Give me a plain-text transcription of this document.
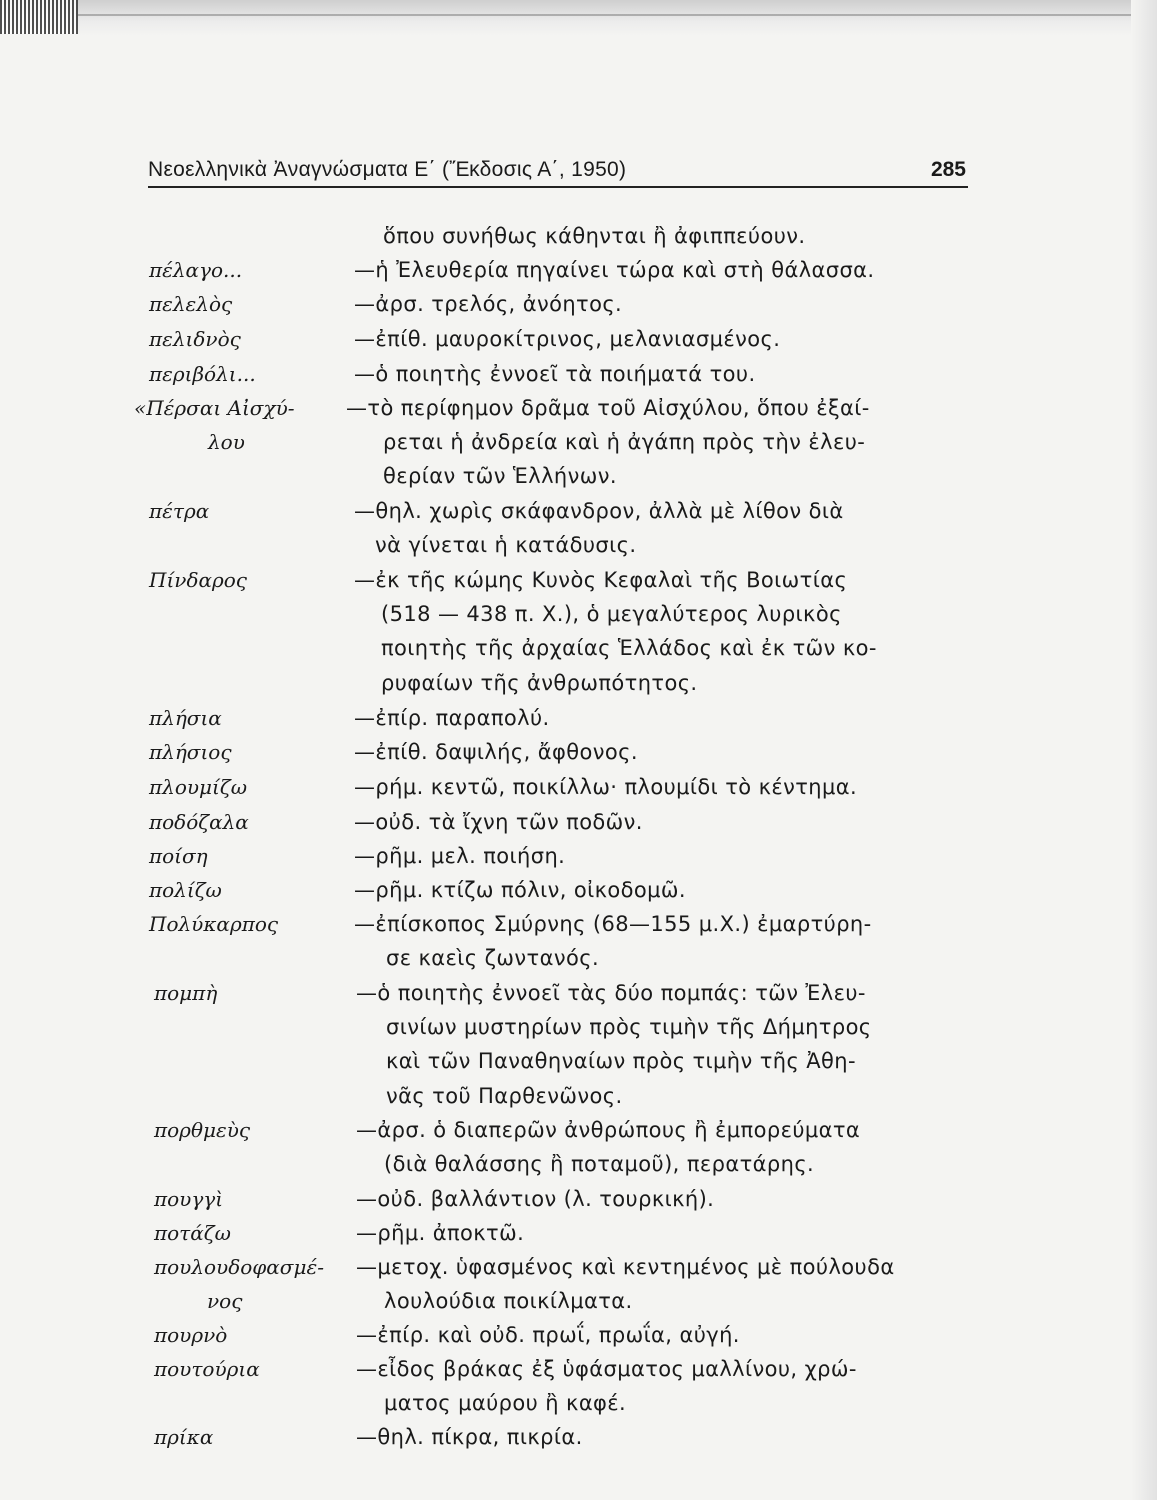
Νεοελληνικὰ Ἀναγνώσματα Ε΄ (Ἔκδοσις Α΄, 1950)	285
ὅπου συνήθως κάθηνται ἢ ἀφιππεύουν.
πέλαγο...	—ἡ Ἐλευθερία πηγαίνει τώρα καὶ στὴ θάλασσα.
πελελὸς	—ἀρσ. τρελός, ἀνόητος.
πελιδνὸς	—ἐπίθ. μαυροκίτρινος, μελανιασμένος.
περιβόλι...	—ὁ ποιητὴς ἐννοεῖ τὰ ποιήματά του.
«Πέρσαι Αἰσχύ-
λου
—τὸ περίφημον δρᾶμα τοῦ Αἰσχύλου, ὅπου ἐξαί-
ρεται ἡ ἀνδρεία καὶ ἡ ἀγάπη πρὸς τὴν ἐλευ-
θερίαν τῶν Ἑλλήνων.
πέτρα	—θηλ. χωρὶς σκάφανδρον, ἀλλὰ μὲ λίθον διὰ
νὰ γίνεται ἡ κατάδυσις.
Πίνδαρος	—ἐκ τῆς κώμης Κυνὸς Κεφαλαὶ τῆς Βοιωτίας
(518 — 438 π. Χ.), ὁ μεγαλύτερος λυρικὸς
ποιητὴς τῆς ἀρχαίας Ἑλλάδος καὶ ἐκ τῶν κο-
ρυφαίων τῆς ἀνθρωπότητος.
πλήσια	—ἐπίρ. παραπολύ.
πλήσιος	—ἐπίθ. δαψιλής, ἄφθονος.
πλουμίζω	—ρήμ. κεντῶ, ποικίλλω· πλουμίδι τὸ κέντημα.
ποδόζαλα	—οὐδ. τὰ ἴχνη τῶν ποδῶν.
ποίση	—ρῆμ. μελ. ποιήση.
πολίζω	—ρῆμ. κτίζω πόλιν, οἰκοδομῶ.
Πολύκαρπος	—ἐπίσκοπος Σμύρνης (68—155 μ.Χ.) ἐμαρτύρη-
σε καεὶς ζωντανός.
πομπὴ	—ὁ ποιητὴς ἐννοεῖ τὰς δύο πομπάς: τῶν Ἐλευ-
σινίων μυστηρίων πρὸς τιμὴν τῆς Δήμητρος
καὶ τῶν Παναθηναίων πρὸς τιμὴν τῆς Ἀθη-
νᾶς τοῦ Παρθενῶνος.
πορθμεὺς	—ἀρσ. ὁ διαπερῶν ἀνθρώπους ἢ ἐμπορεύματα
(διὰ θαλάσσης ἢ ποταμοῦ), περατάρης.
πουγγὶ	—οὐδ. βαλλάντιον (λ. τουρκική).
ποτάζω	—ρῆμ. ἀποκτῶ.
πουλουδοφασμέ-
νος
—μετοχ. ὑφασμένος καὶ κεντημένος μὲ πούλουδα
λουλούδια ποικίλματα.
πουρνὸ	—ἐπίρ. καὶ οὐδ. πρωΐ, πρωΐα, αὐγή.
πουτούρια	—εἶδος βράκας ἐξ ὑφάσματος μαλλίνου, χρώ-
ματος μαύρου ἢ καφέ.
πρίκα	—θηλ. πίκρα, πικρία.
